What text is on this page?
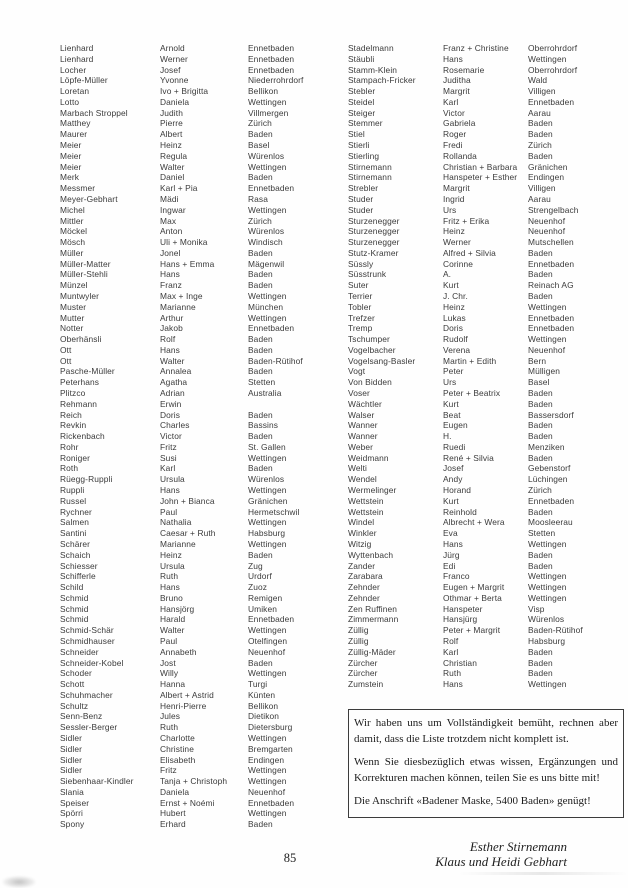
Lienhard	Arnold	Ennetbaden
Lienhard	Werner	Ennetbaden
Locher	Josef	Ennetbaden
Löpfe-Müller	Yvonne	Niederrohrdorf
Loretan	Ivo + Brigitta	Bellikon
Lotto	Daniela	Wettingen
Marbach Stroppel	Judith	Villmergen
Matthey	Pierre	Zürich
Maurer	Albert	Baden
Meier	Heinz	Basel
Meier	Regula	Würenlos
Meier	Walter	Wettingen
Merk	Daniel	Baden
Messmer	Karl + Pia	Ennetbaden
Meyer-Gebhart	Mädi	Rasa
Michel	Ingwar	Wettingen
Mittler	Max	Zürich
Möckel	Anton	Würenlos
Mösch	Uli + Monika	Windisch
Müller	Jonel	Baden
Müller-Matter	Hans + Emma	Mägenwil
Müller-Stehli	Hans	Baden
Münzel	Franz	Baden
Muntwyler	Max + Inge	Wettingen
Muster	Marianne	München
Mutter	Arthur	Wettingen
Notter	Jakob	Ennetbaden
Oberhänsli	Rolf	Baden
Ott	Hans	Baden
Ott	Walter	Baden-Rütihof
Pasche-Müller	Annalea	Baden
Peterhans	Agatha	Stetten
Plitzco	Adrian	Australia
Rehmann	Erwin
Reich	Doris	Baden
Revkin	Charles	Bassins
Rickenbach	Victor	Baden
Rohr	Fritz	St. Gallen
Roniger	Susi	Wettingen
Roth	Karl	Baden
Rüegg-Ruppli	Ursula	Würenlos
Ruppli	Hans	Wettingen
Russel	John + Bianca	Gränichen
Rychner	Paul	Hermetschwil
Salmen	Nathalia	Wettingen
Santini	Caesar + Ruth	Habsburg
Schärer	Marianne	Wettingen
Schaich	Heinz	Baden
Schiesser	Ursula	Zug
Schifferle	Ruth	Urdorf
Schild	Hans	Zuoz
Schmid	Bruno	Remigen
Schmid	Hansjörg	Umiken
Schmid	Harald	Ennetbaden
Schmid-Schär	Walter	Wettingen
Schmidhauser	Paul	Otelfingen
Schneider	Annabeth	Neuenhof
Schneider-Kobel	Jost	Baden
Schoder	Willy	Wettingen
Schott	Hanna	Turgi
Schuhmacher	Albert + Astrid	Künten
Schultz	Henri-Pierre	Bellikon
Senn-Benz	Jules	Dietikon
Sessler-Berger	Ruth	Dietersburg
Sidler	Charlotte	Wettingen
Sidler	Christine	Bremgarten
Sidler	Elisabeth	Endingen
Sidler	Fritz	Wettingen
Siebenhaar-Kindler	Tanja + Christoph	Wettingen
Slania	Daniela	Neuenhof
Speiser	Ernst + Noémi	Ennetbaden
Spörri	Hubert	Wettingen
Spony	Erhard	Baden
Stadelmann	Franz + Christine	Oberrohrdorf
Stäubli	Hans	Wettingen
Stamm-Klein	Rosemarie	Oberrohrdorf
Stampach-Fricker	Juditha	Wald
Stebler	Margrit	Villigen
Steidel	Karl	Ennetbaden
Steiger	Victor	Aarau
Stemmer	Gabriela	Baden
Stiel	Roger	Baden
Stierli	Fredi	Zürich
Stierling	Rollanda	Baden
Stirnemann	Christian + Barbara	Gränichen
Stirnemann	Hanspeter + Esther	Endingen
Strebler	Margrit	Villigen
Studer	Ingrid	Aarau
Studer	Urs	Strengelbach
Sturzenegger	Fritz + Erika	Neuenhof
Sturzenegger	Heinz	Neuenhof
Sturzenegger	Werner	Mutschellen
Stutz-Kramer	Alfred + Silvia	Baden
Süssly	Corinne	Ennetbaden
Süsstrunk	A.	Baden
Suter	Kurt	Reinach AG
Terrier	J. Chr.	Baden
Tobler	Heinz	Wettingen
Trefzer	Lukas	Ennetbaden
Tremp	Doris	Ennetbaden
Tschumper	Rudolf	Wettingen
Vogelbacher	Verena	Neuenhof
Vogelsang-Basler	Martin + Edith	Bern
Vogt	Peter	Mülligen
Von Bidden	Urs	Basel
Voser	Peter + Beatrix	Baden
Wächtler	Kurt	Baden
Walser	Beat	Bassersdorf
Wanner	Eugen	Baden
Wanner	H.	Baden
Weber	Ruedi	Menziken
Weidmann	René + Silvia	Baden
Welti	Josef	Gebenstorf
Wendel	Andy	Lüchingen
Wermelinger	Horand	Zürich
Wettstein	Kurt	Ennetbaden
Wettstein	Reinhold	Baden
Windel	Albrecht + Wera	Moosleerau
Winkler	Eva	Stetten
Witzig	Hans	Wettingen
Wyttenbach	Jürg	Baden
Zander	Edi	Baden
Zarabara	Franco	Wettingen
Zehnder	Eugen + Margrit	Wettingen
Zehnder	Othmar + Berta	Wettingen
Zen Ruffinen	Hanspeter	Visp
Zimmermann	Hansjürg	Würenlos
Züllig	Peter + Margrit	Baden-Rütihof
Züllig	Rolf	Habsburg
Züllig-Mäder	Karl	Baden
Zürcher	Christian	Baden
Zürcher	Ruth	Baden
Zumstein	Hans	Wettingen

Wir haben uns um Vollständigkeit bemüht, rechnen aber damit, dass die Liste trotzdem nicht komplett ist.

Wenn Sie diesbezüglich etwas wissen, Ergänzungen und Korrekturen machen können, teilen Sie es uns bitte mit!

Die Anschrift «Badener Maske, 5400 Baden» genügt!

85
Esther Stirnemann
Klaus und Heidi Gebhart
